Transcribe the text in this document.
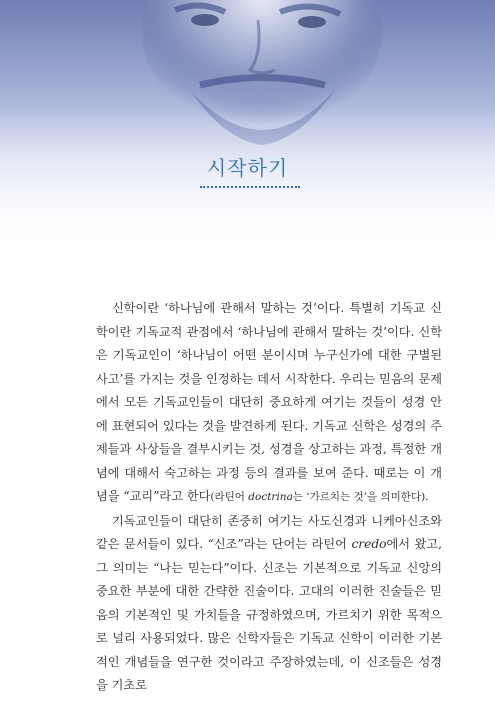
시작하기

신학이란 ‘하나님에 관해서 말하는 것’이다. 특별히 기독교 신학이란 기독교적 관점에서 ‘하나님에 관해서 말하는 것’이다. 신학은 기독교인이 ‘하나님이 어떤 분이시며 누구신가에 대한 구별된 사고’를 가지는 것을 인정하는 데서 시작한다. 우리는 믿음의 문제에서 모든 기독교인들이 대단히 중요하게 여기는 것들이 성경 안에 표현되어 있다는 것을 발견하게 된다. 기독교 신학은 성경의 주제들과 사상들을 결부시키는 것, 성경을 상고하는 과정, 특정한 개념에 대해서 숙고하는 과정 등의 결과를 보여 준다. 때로는 이 개념을 “교리”라고 한다(라틴어 doctrina는 ‘가르치는 것’을 의미한다).

기독교인들이 대단히 존중히 여기는 사도신경과 니케아신조와 같은 문서들이 있다. “신조”라는 단어는 라틴어 credo에서 왔고, 그 의미는 “나는 믿는다”이다. 신조는 기본적으로 기독교 신앙의 중요한 부분에 대한 간략한 진술이다. 고대의 이러한 진술들은 믿음의 기본적인 및 가치들을 규정하였으며, 가르치기 위한 목적으로 널리 사용되었다. 많은 신학자들은 기독교 신학이 이러한 기본적인 개념들을 연구한 것이라고 주장하였는데, 이 신조들은 성경을 기초로
